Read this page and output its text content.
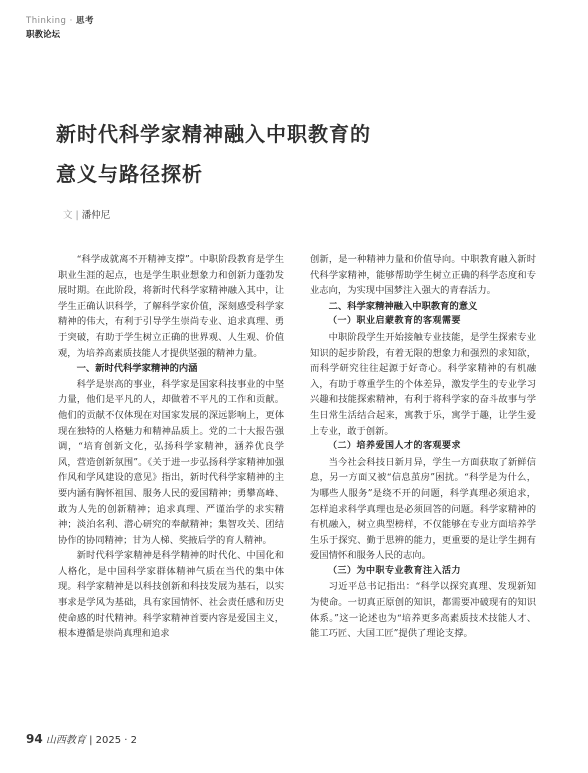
Thinking · 思考
职教论坛
新时代科学家精神融入中职教育的
意义与路径探析
文 | 潘仲尼

“科学成就离不开精神支撑”。中职阶段教育是学生职业生涯的起点，也是学生职业想象力和创新力蓬勃发展时期。在此阶段，将新时代科学家精神融入其中，让学生正确认识科学，了解科学家价值，深刻感受科学家精神的伟大，有利于引导学生崇尚专业、追求真理、勇于突破，有助于学生树立正确的世界观、人生观、价值观，为培养高素质技能人才提供坚强的精神力量。

一、新时代科学家精神的内涵

科学是崇高的事业，科学家是国家科技事业的中坚力量，他们是平凡的人，却做着不平凡的工作和贡献。他们的贡献不仅体现在对国家发展的深远影响上，更体现在独特的人格魅力和精神品质上。党的二十大报告强调，“培育创新文化，弘扬科学家精神，涵养优良学风，营造创新氛围”。《关于进一步弘扬科学家精神加强作风和学风建设的意见》指出，新时代科学家精神的主要内涵有胸怀祖国、服务人民的爱国精神；勇攀高峰、敢为人先的创新精神；追求真理、严谨治学的求实精神；淡泊名利、潜心研究的奉献精神；集智攻关、团结协作的协同精神；甘为人梯、奖掖后学的育人精神。

新时代科学家精神是科学精神的时代化、中国化和人格化，是中国科学家群体精神气质在当代的集中体现。科学家精神是以科技创新和科技发展为基石，以实事求是学风为基础，具有家国情怀、社会责任感和历史使命感的时代精神。科学家精神首要内容是爱国主义，根本遵循是崇尚真理和追求

创新，是一种精神力量和价值导向。中职教育融入新时代科学家精神，能够帮助学生树立正确的科学态度和专业志向，为实现中国梦注入强大的青春活力。

二、科学家精神融入中职教育的意义
（一）职业启蒙教育的客观需要

中职阶段学生开始接触专业技能，是学生探索专业知识的起步阶段，有着无限的想象力和强烈的求知欲，而科学研究往往起源于好奇心。科学家精神的有机融入，有助于尊重学生的个体差异，激发学生的专业学习兴趣和技能探索精神，有利于将科学家的奋斗故事与学生日常生活结合起来，寓教于乐，寓学于趣，让学生爱上专业，敢于创新。

（二）培养爱国人才的客观要求

当今社会科技日新月异，学生一方面获取了新鲜信息，另一方面又被“信息茧房”困扰。“科学是为什么，为哪些人服务”是绕不开的问题，科学真理必须追求，怎样追求科学真理也是必须回答的问题。科学家精神的有机融入，树立典型榜样，不仅能够在专业方面培养学生乐于探究、勤于思辨的能力，更重要的是让学生拥有爱国情怀和服务人民的志向。

（三）为中职专业教育注入活力

习近平总书记指出：“科学以探究真理、发现新知为使命。一切真正原创的知识，都需要冲破现有的知识体系。”这一论述也为“培养更多高素质技术技能人才、能工巧匠、大国工匠”提供了理论支撑。

94 山西教育 | 2025 · 2
